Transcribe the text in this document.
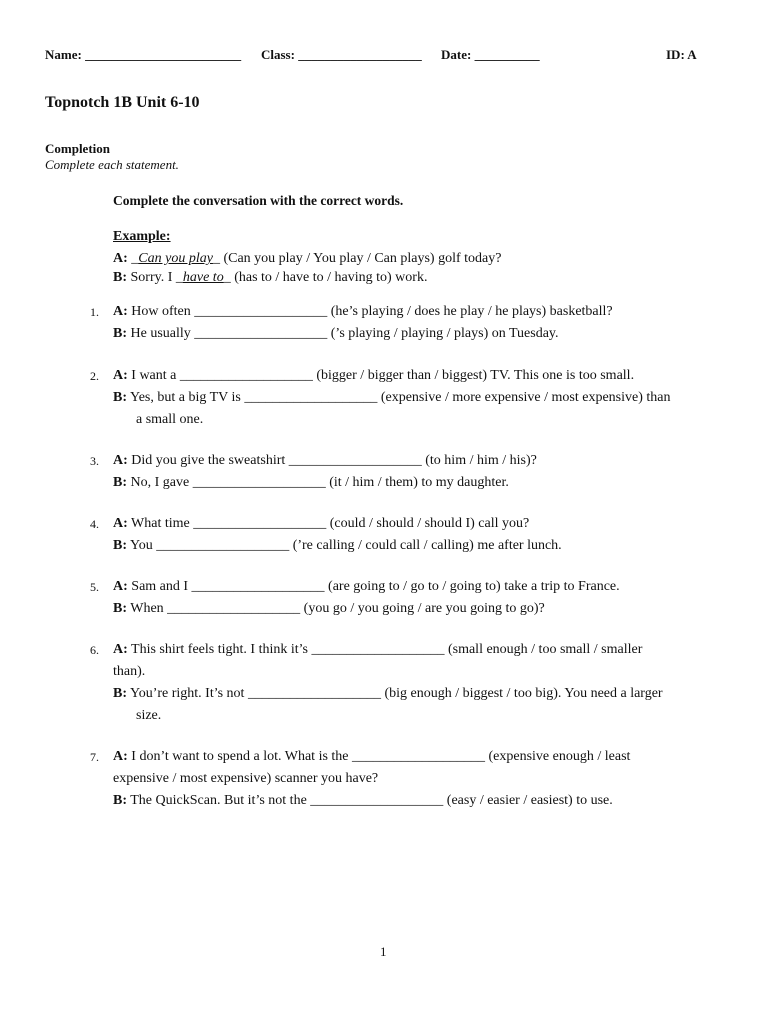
Name: ________________________ Class: ___________________ Date: __________	ID: A
Topnotch 1B Unit 6-10
Completion
Complete each statement.
Complete the conversation with the correct words.
Example:
A: _Can you play_ (Can you play / You play / Can plays) golf today?
B: Sorry. I _have to_ (has to / have to / having to) work.
1. A: How often ___________________ (he’s playing / does he play / he plays) basketball?
B: He usually ___________________ (’s playing / playing / plays) on Tuesday.
2. A: I want a ___________________ (bigger / bigger than / biggest) TV. This one is too small.
B: Yes, but a big TV is ___________________ (expensive / more expensive / most expensive) than
a small one.
3. A: Did you give the sweatshirt ___________________ (to him / him / his)?
B: No, I gave ___________________ (it / him / them) to my daughter.
4. A: What time ___________________ (could / should / should I) call you?
B: You ___________________ (’re calling / could call / calling) me after lunch.
5. A: Sam and I ___________________ (are going to / go to / going to) take a trip to France.
B: When ___________________ (you go / you going / are you going to go)?
6. A: This shirt feels tight. I think it’s ___________________ (small enough / too small / smaller
than).
B: You’re right. It’s not ___________________ (big enough / biggest / too big). You need a larger
size.
7. A: I don’t want to spend a lot. What is the ___________________ (expensive enough / least
expensive / most expensive) scanner you have?
B: The QuickScan. But it’s not the ___________________ (easy / easier / easiest) to use.
1
